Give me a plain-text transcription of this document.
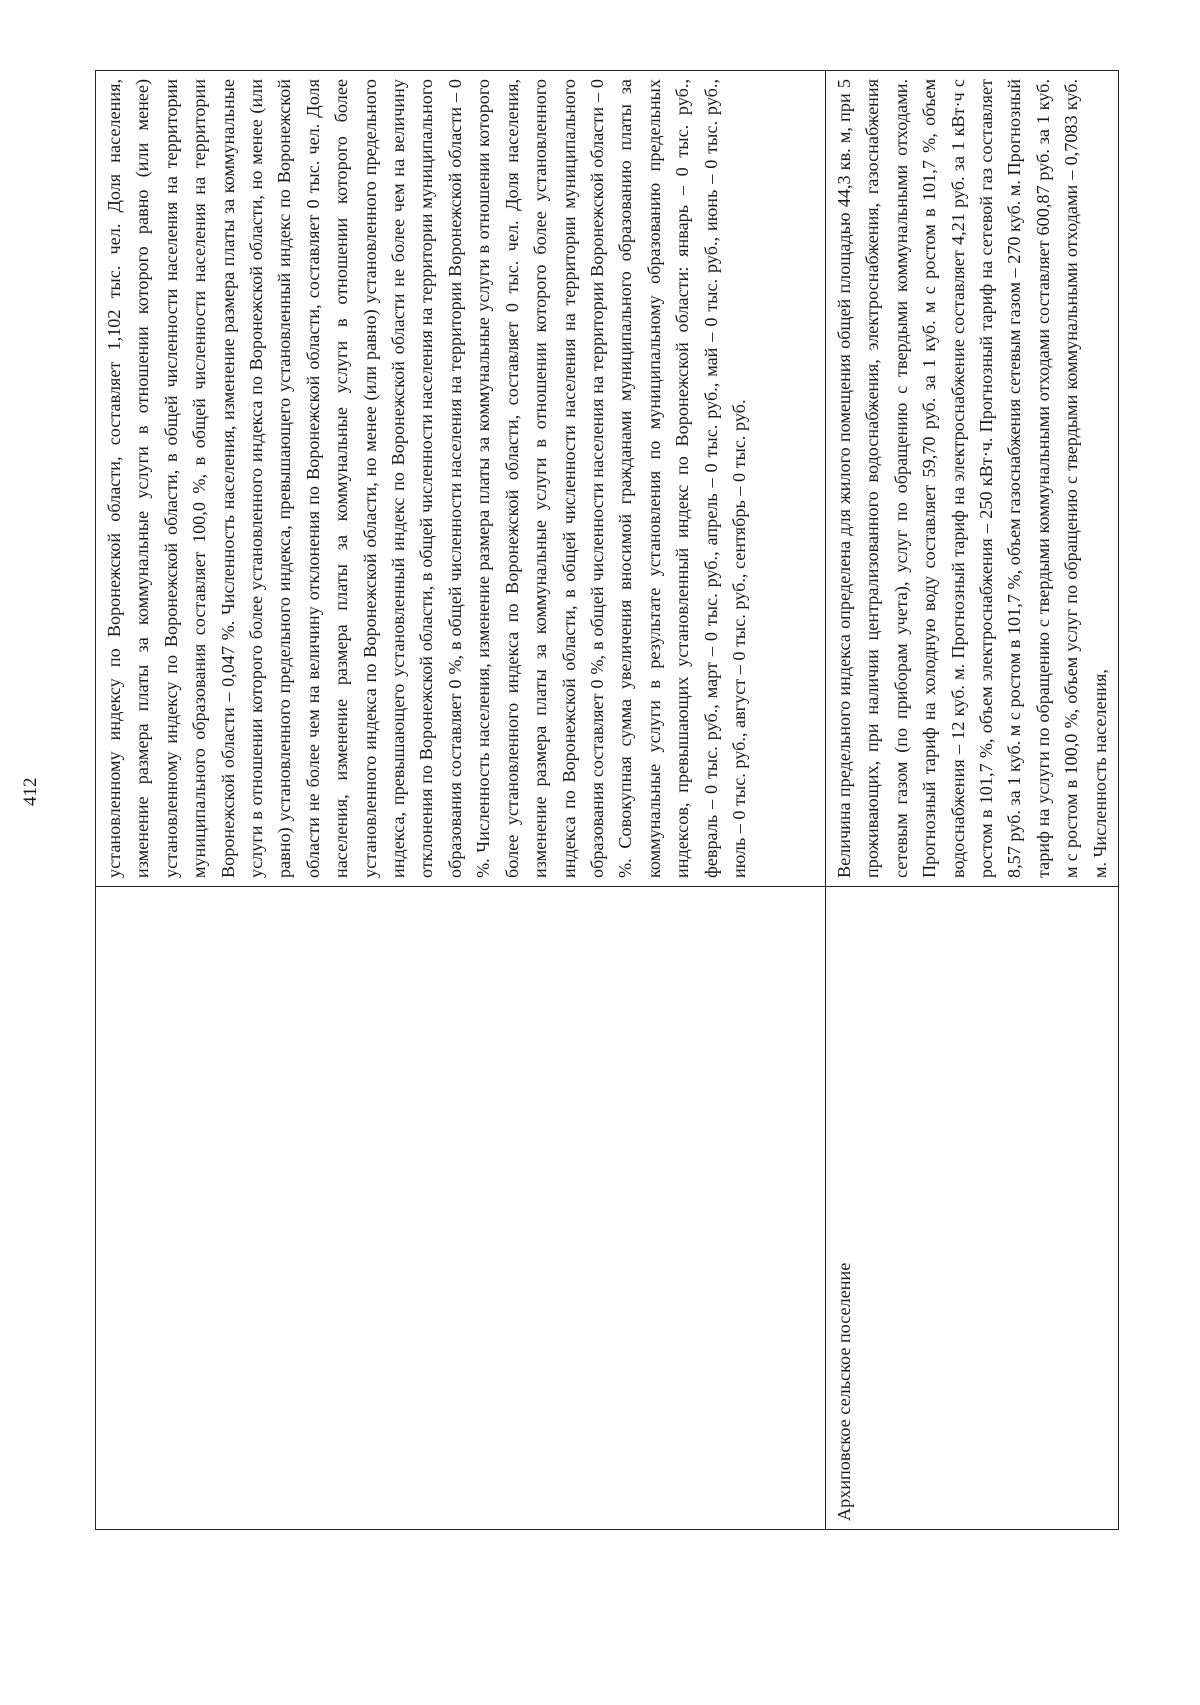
412

	установленному индексу по Воронежской области, составляет 1,102 тыс. чел. Доля населения, изменение размера платы за коммунальные услуги в отношении которого равно (или менее) установленному индексу по Воронежской области, в общей численности населения на территории муниципального образования составляет 100,0 %, в общей численности населения на территории Воронежской области – 0,047 %. Численность населения, изменение размера платы за коммунальные услуги в отношении которого более установленного индекса по Воронежской области, но менее (или равно) установленного предельного индекса, превышающего установленный индекс по Воронежской области не более чем на величину отклонения по Воронежской области, составляет 0 тыс. чел. Доля населения, изменение размера платы за коммунальные услуги в отношении которого более установленного индекса по Воронежской области, но менее (или равно) установленного предельного индекса, превышающего установленный индекс по Воронежской области не более чем на величину отклонения по Воронежской области, в общей численности населения на территории муниципального образования составляет 0 %, в общей численности населения на территории Воронежской области – 0 %. Численность населения, изменение размера платы за коммунальные услуги в отношении которого более установленного индекса по Воронежской области, составляет 0 тыс. чел. Доля населения, изменение размера платы за коммунальные услуги в отношении которого более установленного индекса по Воронежской области, в общей численности населения на территории муниципального образования составляет 0 %, в общей численности населения на территории Воронежской области – 0 %. Совокупная сумма увеличения вносимой гражданами муниципального образованию платы за коммунальные услуги в результате установления по муниципальному образованию предельных индексов, превышающих установленный индекс по Воронежской области: январь – 0 тыс. руб., февраль – 0 тыс. руб., март – 0 тыс. руб., апрель – 0 тыс. руб., май – 0 тыс. руб., июнь – 0 тыс. руб., июль – 0 тыс. руб., август – 0 тыс. руб., сентябрь – 0 тыс. руб.

Архиповское сельское поселение	Величина предельного индекса определена для жилого помещения общей площадью 44,3 кв. м, при 5 проживающих, при наличии централизованного водоснабжения, электроснабжения, газоснабжения сетевым газом (по приборам учета), услуг по обращению с твердыми коммунальными отходами. Прогнозный тариф на холодную воду составляет 59,70 руб. за 1 куб. м с ростом в 101,7 %, объем водоснабжения – 12 куб. м. Прогнозный тариф на электроснабжение составляет 4,21 руб. за 1 кВт·ч с ростом в 101,7 %, объем электроснабжения – 250 кВт·ч. Прогнозный тариф на сетевой газ составляет 8,57 руб. за 1 куб. м с ростом в 101,7 %, объем газоснабжения сетевым газом – 270 куб. м. Прогнозный тариф на услуги по обращению с твердыми коммунальными отходами составляет 600,87 руб. за 1 куб. м с ростом в 100,0 %, объем услуг по обращению с твердыми коммунальными отходами – 0,7083 куб. м. Численность населения,
